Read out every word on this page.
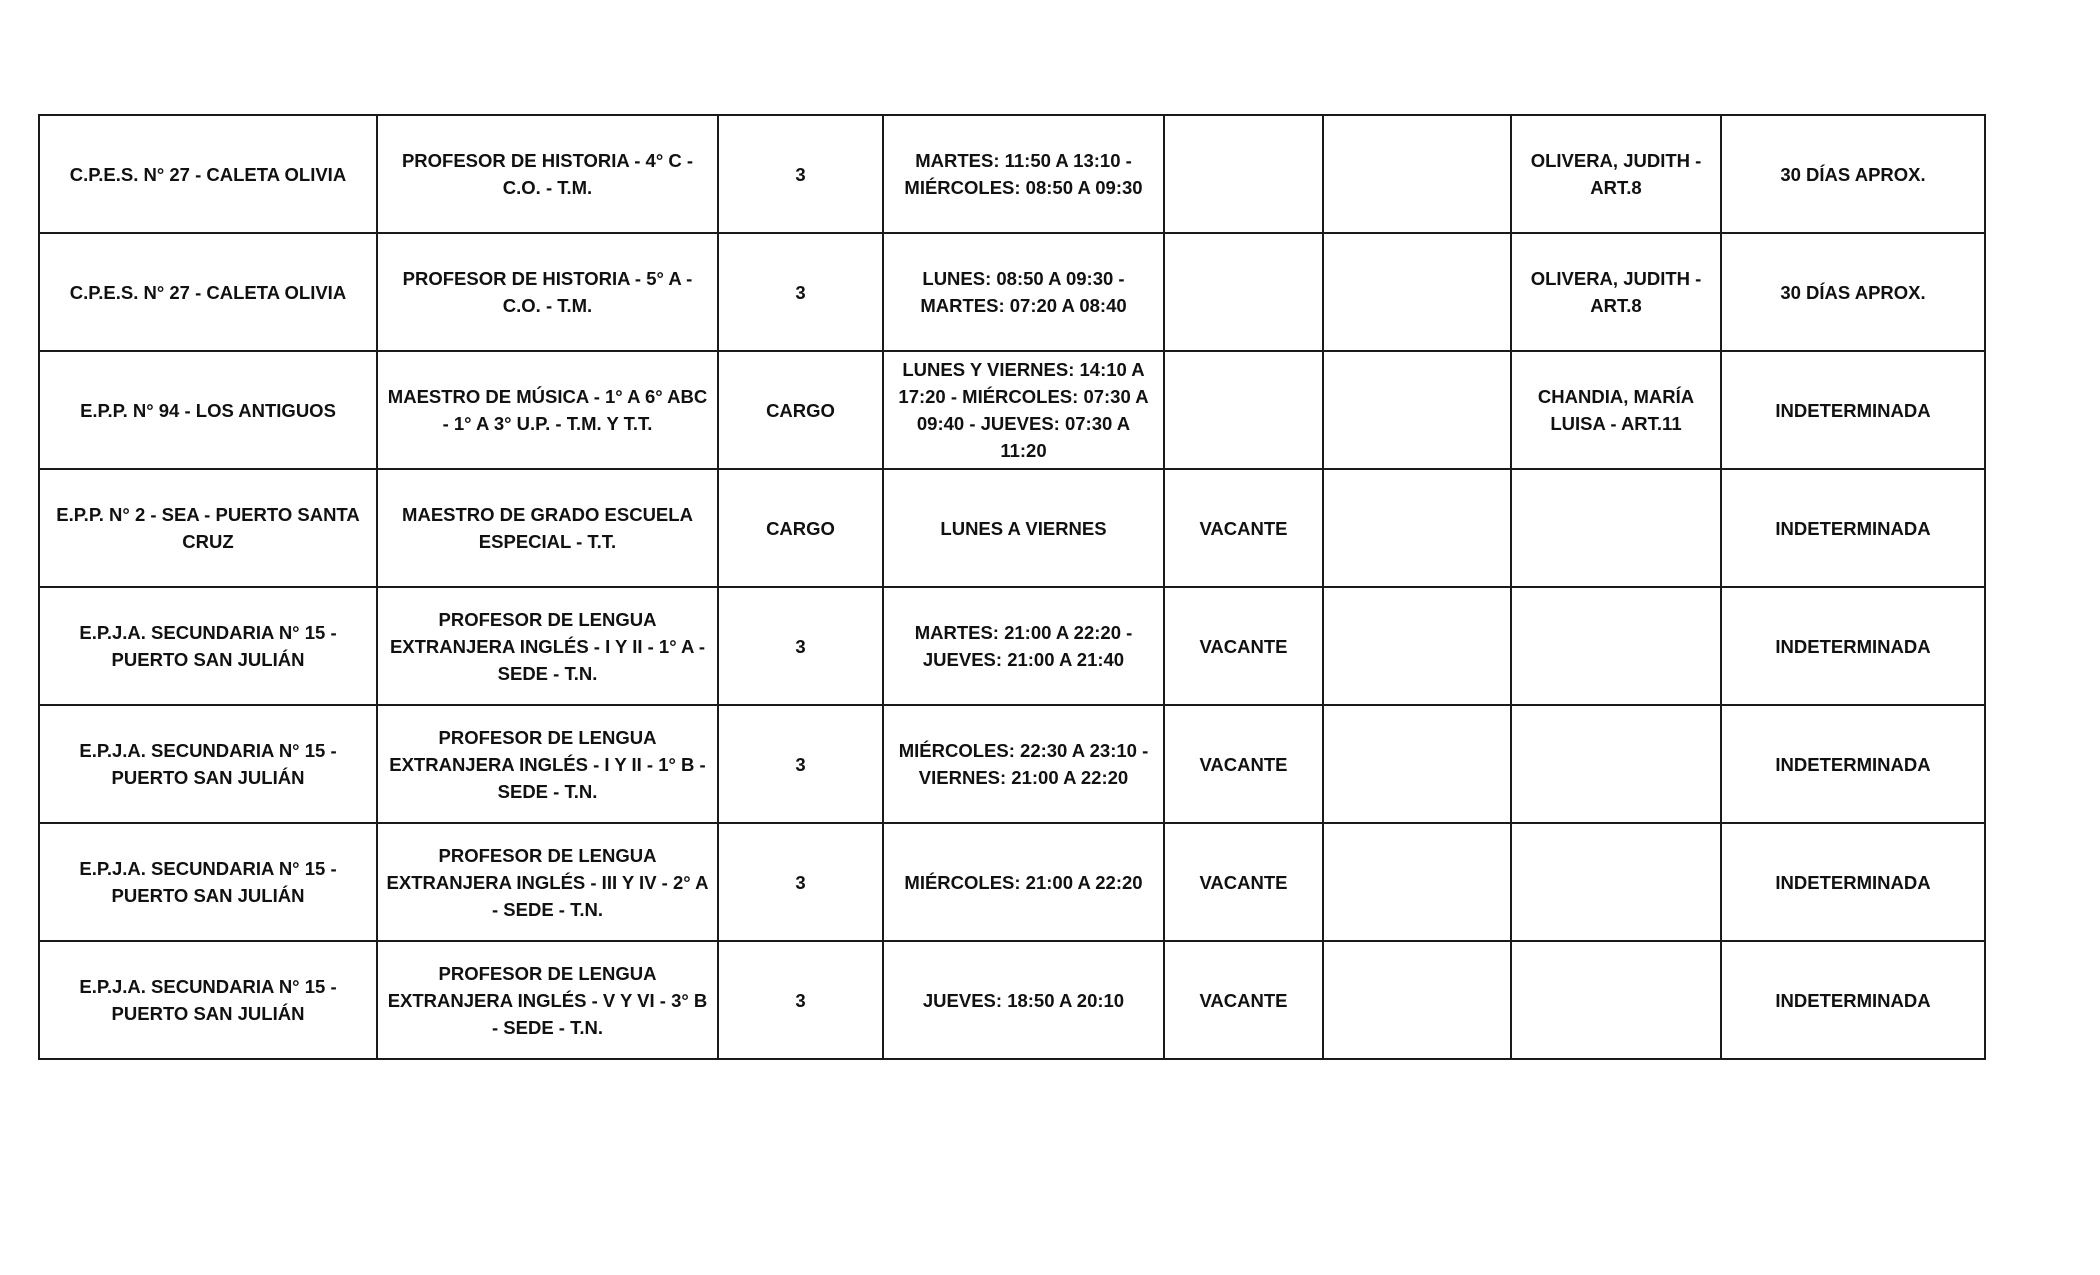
C.P.E.S. N° 27 - CALETA OLIVIA	PROFESOR DE HISTORIA - 4° C - C.O. - T.M.	3	MARTES: 11:50 A 13:10 - MIÉRCOLES: 08:50 A 09:30			OLIVERA, JUDITH - ART.8	30 DÍAS APROX.
C.P.E.S. N° 27 - CALETA OLIVIA	PROFESOR DE HISTORIA - 5° A - C.O. - T.M.	3	LUNES: 08:50 A 09:30 - MARTES: 07:20 A 08:40			OLIVERA, JUDITH - ART.8	30 DÍAS APROX.
E.P.P. N° 94 - LOS ANTIGUOS	MAESTRO DE MÚSICA - 1° A 6° ABC - 1° A 3° U.P. - T.M. Y T.T.	CARGO	LUNES Y VIERNES: 14:10 A 17:20 - MIÉRCOLES: 07:30 A 09:40 - JUEVES: 07:30 A 11:20			CHANDIA, MARÍA LUISA - ART.11	INDETERMINADA
E.P.P. N° 2 - SEA - PUERTO SANTA CRUZ	MAESTRO DE GRADO ESCUELA ESPECIAL - T.T.	CARGO	LUNES A VIERNES	VACANTE			INDETERMINADA
E.P.J.A. SECUNDARIA N° 15 - PUERTO SAN JULIÁN	PROFESOR DE LENGUA EXTRANJERA INGLÉS - I Y II - 1° A - SEDE - T.N.	3	MARTES: 21:00 A 22:20 - JUEVES: 21:00 A 21:40	VACANTE			INDETERMINADA
E.P.J.A. SECUNDARIA N° 15 - PUERTO SAN JULIÁN	PROFESOR DE LENGUA EXTRANJERA INGLÉS - I Y II - 1° B - SEDE - T.N.	3	MIÉRCOLES: 22:30 A 23:10 - VIERNES: 21:00 A 22:20	VACANTE			INDETERMINADA
E.P.J.A. SECUNDARIA N° 15 - PUERTO SAN JULIÁN	PROFESOR DE LENGUA EXTRANJERA INGLÉS - III Y IV - 2° A - SEDE - T.N.	3	MIÉRCOLES: 21:00 A 22:20	VACANTE			INDETERMINADA
E.P.J.A. SECUNDARIA N° 15 - PUERTO SAN JULIÁN	PROFESOR DE LENGUA EXTRANJERA INGLÉS - V Y VI - 3° B - SEDE - T.N.	3	JUEVES: 18:50 A 20:10	VACANTE			INDETERMINADA
